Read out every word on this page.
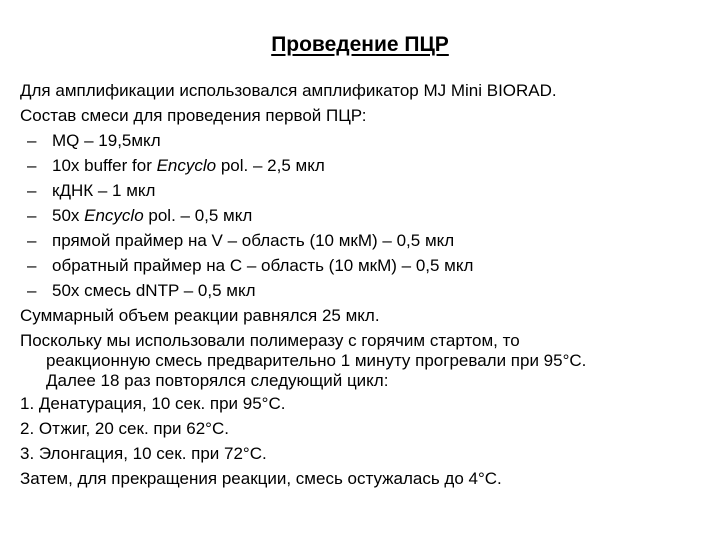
Проведение ПЦР
Для амплификации использовался амплификатор MJ Mini BIORAD.
Состав смеси для проведения первой ПЦР:
– MQ – 19,5мкл
– 10х buffer for Encyclo pol. – 2,5 мкл
– кДНК – 1 мкл
– 50х Encyclo pol. – 0,5 мкл
– прямой праймер на V – область (10 мкМ) – 0,5 мкл
– обратный праймер на С – область (10 мкМ) – 0,5 мкл
– 50х смесь dNTP – 0,5 мкл
Суммарный объем реакции равнялся 25 мкл.
Поскольку мы использовали полимеразу с горячим стартом, то
реакционную смесь предварительно 1 минуту прогревали при 95°С.
Далее 18 раз повторялся следующий цикл:
1. Денатурация, 10 сек. при 95°С.
2. Отжиг, 20 сек. при 62°С.
3. Элонгация, 10 сек. при 72°С.
Затем, для прекращения реакции, смесь остужалась до 4°С.
